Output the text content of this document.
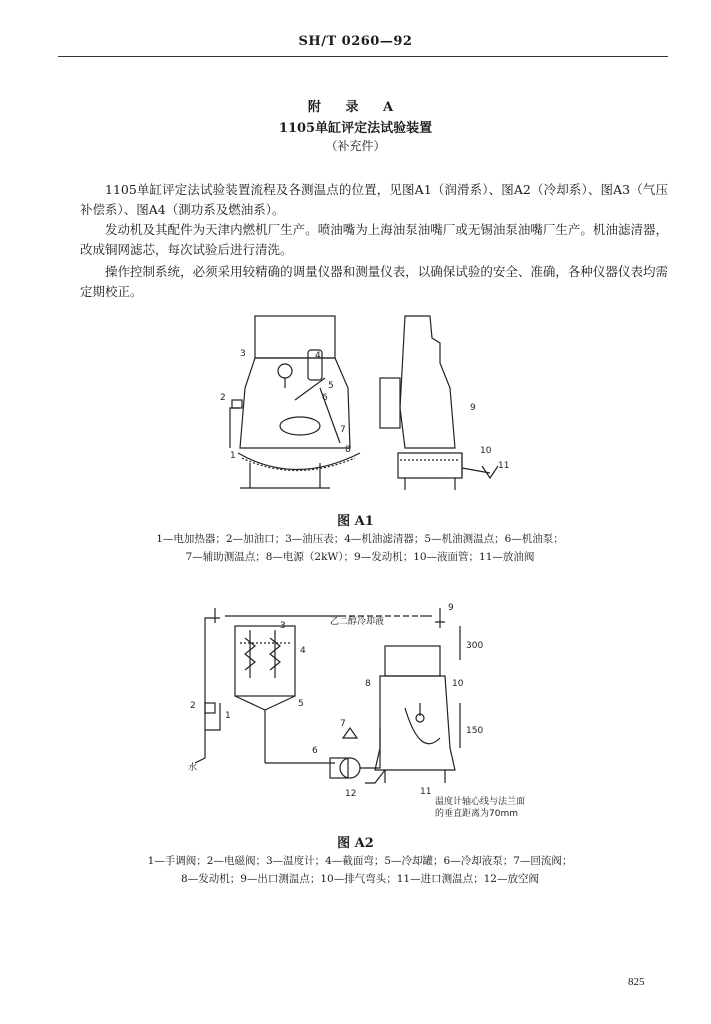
SH/T 0260—92
附 录 A
1105单缸评定法试验装置
（补充件）
1105单缸评定法试验装置流程及各测温点的位置，见图A1（润滑系）、图A2（冷却系）、图A3（气压补偿系）、图A4（測功系及燃油系）。
发动机及其配件为天津内燃机厂生产。喷油嘴为上海油泵油嘴厂或无锡油泵油嘴厂生产。机油滤清器，改成铜网滤芯，每次试验后进行清洗。
操作控制系统，必须采用较精确的调量仪器和测量仪表，以确保试验的安全、准确，各种仪器仪表均需定期校正。
3	4
2
5
6
7
1
8
9
10
11
图 A1
1—电加热器；2—加油口；3—油压表；4—机油滤清器；5—机油测温点；6—机油泵；
7—辅助测温点；8—电源（2kW）；9—发动机；10—液面管；11—放油阀
3
4
5
2
1
6
7
8
9
10
11
12
乙二醇冷却液
水
300
150
温度计轴心线与法兰面
的垂直距离为70mm
图 A2
1—手调阀；2—电磁阀；3—温度计；4—截面弯；5—冷却罐；6—冷却液泵；7—回流阀；
8—发动机；9—出口测温点；10—排气弯头；11—进口测温点；12—放空阀
825
